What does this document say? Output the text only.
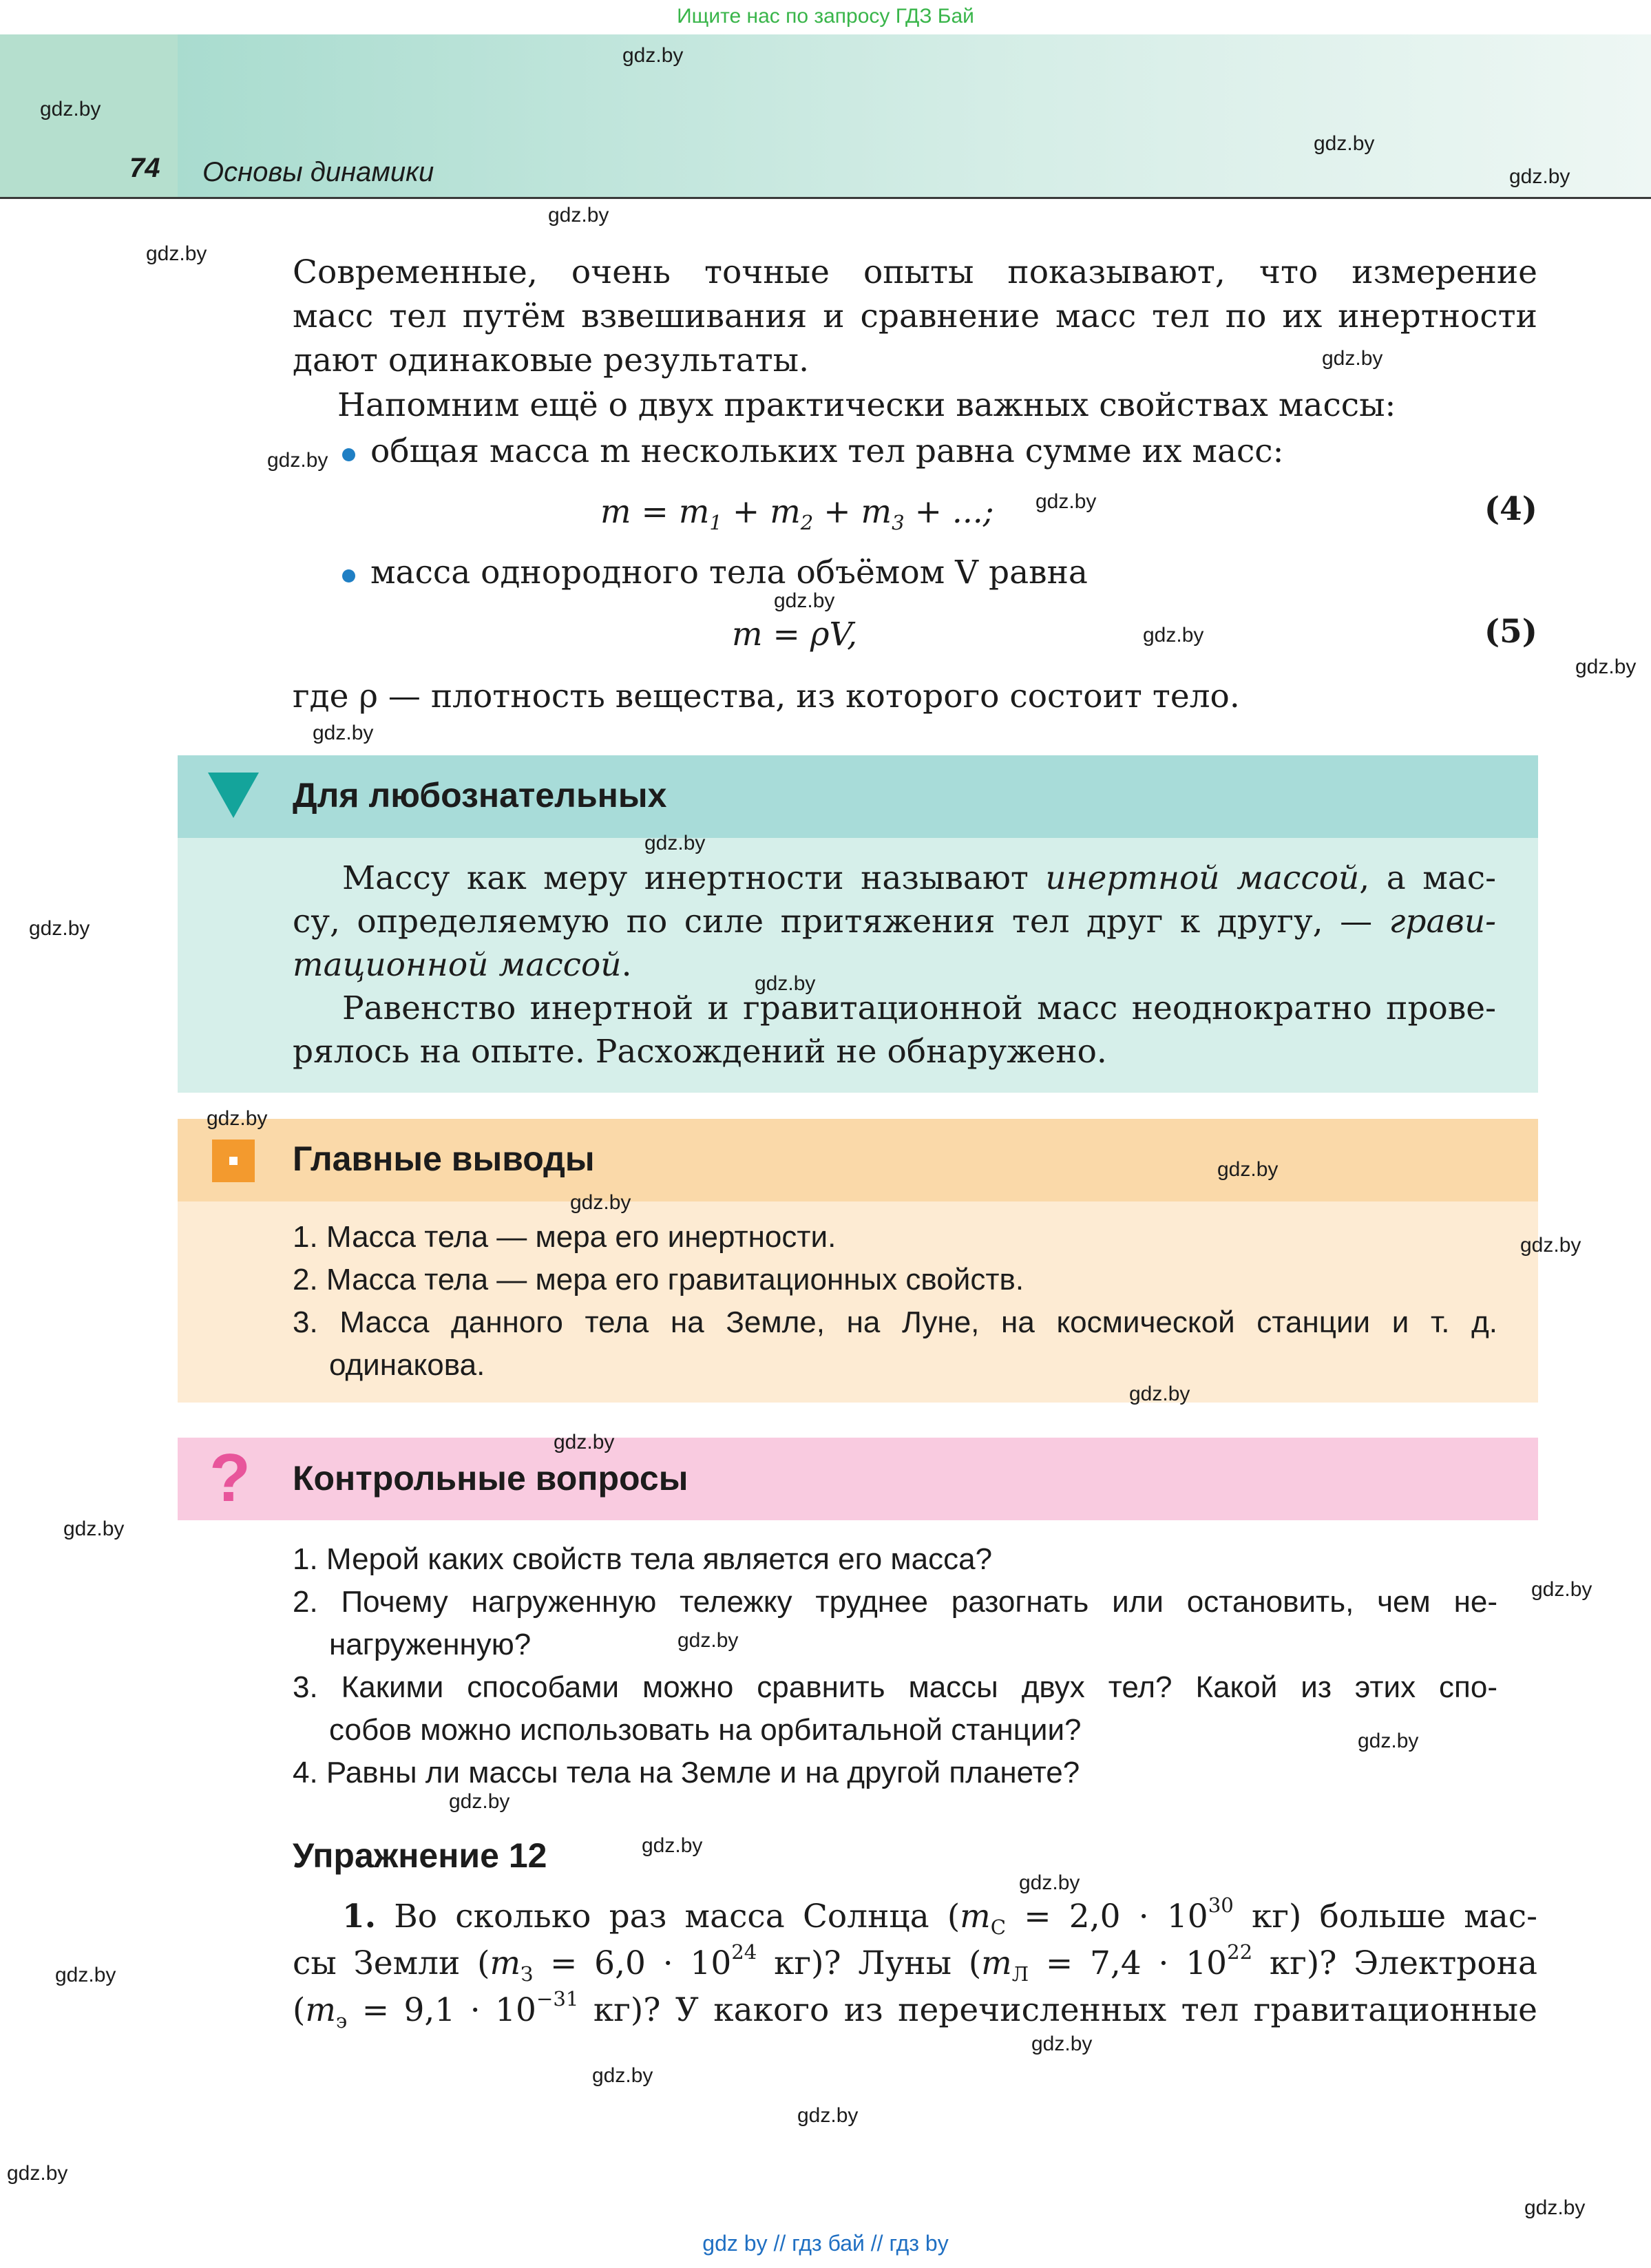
Ищите нас по запросу ГДЗ Бай
74 Основы динамики
Современные, очень точные опыты показывают, что измерение
масс тел путём взвешивания и сравнение масс тел по их инертности
дают одинаковые результаты.
Напомним ещё о двух практически важных свойствах массы:
общая масса m нескольких тел равна сумме их масс:
$m = m_1 + m_2 + m_3$ + ...;	(4)
масса однородного тела объёмом V равна
m = ρV,	(5)
где ρ — плотность вещества, из которого состоит тело.
Для любознательных
Массу как меру инертности называют инертной массой, а мас-
су, определяемую по силе притяжения тел друг к другу, — грави-
тационной массой.
Равенство инертной и гравитационной масс неоднократно прове-
рялось на опыте. Расхождений не обнаружено.
Главные выводы
1. Масса тела — мера его инертности.
2. Масса тела — мера его гравитационных свойств.
3. Масса данного тела на Земле, на Луне, на космической станции и т. д.
одинакова.
? Контрольные вопросы
1. Мерой каких свойств тела является его масса?
2. Почему нагруженную тележку труднее разогнать или остановить, чем не-
нагруженную?
3. Какими способами можно сравнить массы двух тел? Какой из этих спо-
собов можно использовать на орбитальной станции?
4. Равны ли массы тела на Земле и на другой планете?
Упражнение 12
1. Во сколько раз масса Солнца ($m_С = 2,0 \cdot 10^{30}$ кг) больше мас-
сы Земли ($m_З = 6,0 \cdot 10^{24}$ кг)? Луны ($m_Л = 7,4 \cdot 10^{22}$ кг)? Электрона
($m_э = 9,1 \cdot 10^{-31}$ кг)? У какого из перечисленных тел гравитационные
gdz.by
gdz.by
gdz.by
gdz.by
gdz.by
gdz.by
gdz.by
gdz.by
gdz.by
gdz.by
gdz.by
gdz.by
gdz.by
gdz.by
gdz.by
gdz.by
gdz.by
gdz.by
gdz.by
gdz.by
gdz.by
gdz.by
gdz.by
gdz.by
gdz.by
gdz.by
gdz.by
gdz.by
gdz.by
gdz.by
gdz.by
gdz.by
gdz.by
gdz.by
gdz.by
gdz by // гдз бай // гдз by
